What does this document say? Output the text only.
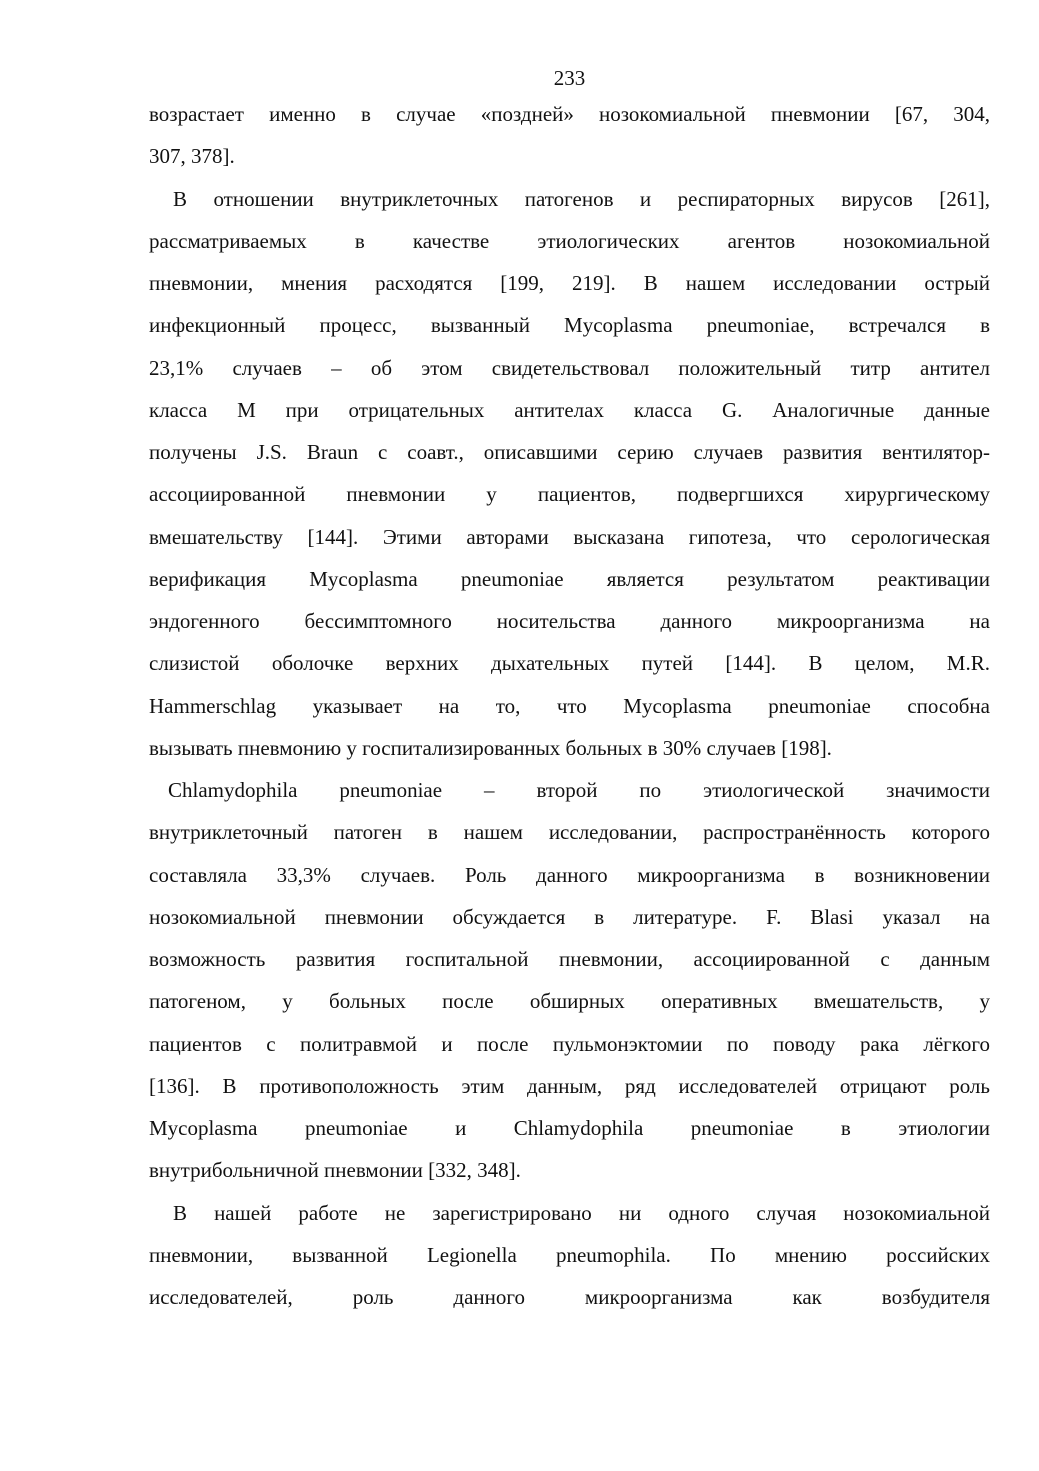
233
возрастает именно в случае «поздней» нозокомиальной пневмонии [67, 304,
307, 378].
В отношении внутриклеточных патогенов и респираторных вирусов [261],
рассматриваемых в качестве этиологических агентов нозокомиальной
пневмонии, мнения расходятся [199, 219]. В нашем исследовании острый
инфекционный процесс, вызванный Mycoplasma pneumoniae, встречался в
23,1% случаев – об этом свидетельствовал положительный титр антител
класса M при отрицательных антителах класса G. Аналогичные данные
получены J.S. Braun с соавт., описавшими серию случаев развития вентилятор-
ассоциированной пневмонии у пациентов, подвергшихся хирургическому
вмешательству [144]. Этими авторами высказана гипотеза, что серологическая
верификация Mycoplasma pneumoniae является результатом реактивации
эндогенного бессимптомного носительства данного микроорганизма на
слизистой оболочке верхних дыхательных путей [144]. В целом, M.R.
Hammerschlag указывает на то, что Mycoplasma pneumoniae способна
вызывать пневмонию у госпитализированных больных в 30% случаев [198].
Chlamydophila pneumoniae – второй по этиологической значимости
внутриклеточный патоген в нашем исследовании, распространённость которого
составляла 33,3% случаев. Роль данного микроорганизма в возникновении
нозокомиальной пневмонии обсуждается в литературе. F. Blasi указал на
возможность развития госпитальной пневмонии, ассоциированной с данным
патогеном, у больных после обширных оперативных вмешательств, у
пациентов с политравмой и после пульмонэктомии по поводу рака лёгкого
[136]. В противоположность этим данным, ряд исследователей отрицают роль
Mycoplasma pneumoniae и Chlamydophila pneumoniae в этиологии
внутрибольничной пневмонии [332, 348].
В нашей работе не зарегистрировано ни одного случая нозокомиальной
пневмонии, вызванной Legionella pneumophila. По мнению российских
исследователей, роль данного микроорганизма как возбудителя
